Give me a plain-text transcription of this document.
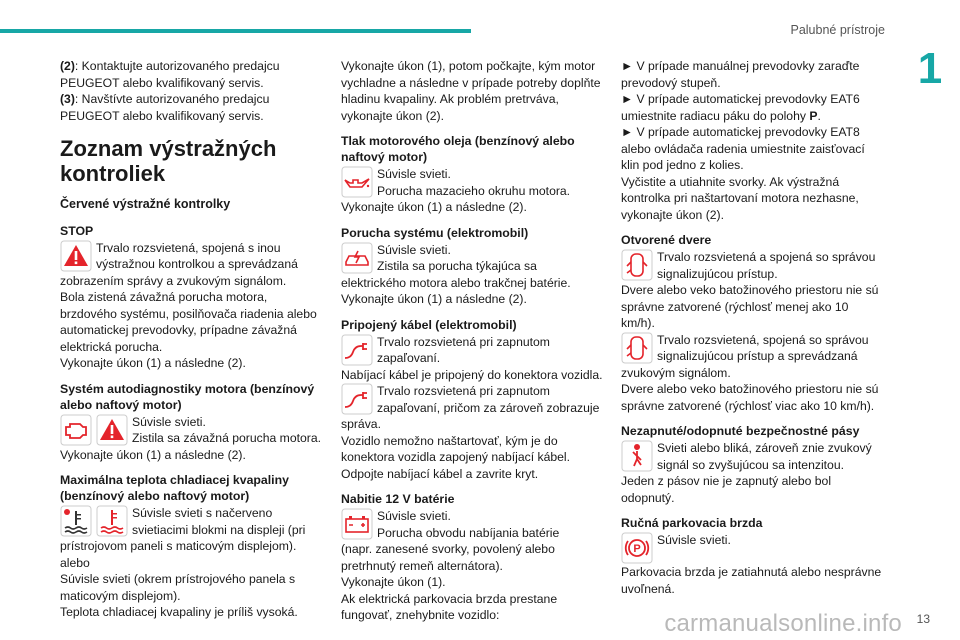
Palubné prístroje
1

(2): Kontaktujte autorizovaného predajcu PEUGEOT alebo kvalifikovaný servis.

(3): Navštívte autorizovaného predajcu PEUGEOT alebo kvalifikovaný servis.

Zoznam výstražných kontroliek
Červené výstražné kontrolky
STOP

Trvalo rozsvietená, spojená s inou výstražnou kontrolkou a sprevádzaná

zobrazením správy a zvukovým signálom.

Bola zistená závažná porucha motora, brzdového systému, posilňovača riadenia alebo automatickej prevodovky, prípadne závažná elektrická porucha.

Vykonajte úkon (1) a následne (2).

Systém autodiagnostiky motora (benzínový alebo naftový motor)

Súvisle svieti.

Zistila sa závažná porucha motora.

Vykonajte úkon (1) a následne (2).

Maximálna teplota chladiacej kvapaliny (benzínový alebo naftový motor)

Súvisle svieti s načerveno svietiacimi blokmi na displeji (pri

prístrojovom paneli s maticovým displejom).

alebo

Súvisle svieti (okrem prístrojového panela s maticovým displejom).

Teplota chladiacej kvapaliny je príliš vysoká.

Vykonajte úkon (1), potom počkajte, kým motor vychladne a následne v prípade potreby doplňte hladinu kvapaliny. Ak problém pretrváva, vykonajte úkon (2).

Tlak motorového oleja (benzínový alebo naftový motor)

Súvisle svieti.

Porucha mazacieho okruhu motora.

Vykonajte úkon (1) a následne (2).

Porucha systému (elektromobil)

Súvisle svieti.

Zistila sa porucha týkajúca sa

elektrického motora alebo trakčnej batérie.

Vykonajte úkon (1) a následne (2).

Pripojený kábel (elektromobil)

Trvalo rozsvietená pri zapnutom zapaľovaní.

Nabíjací kábel je pripojený do konektora vozidla.

Trvalo rozsvietená pri zapnutom zapaľovaní, pričom za zároveň zobrazuje

správa.

Vozidlo nemožno naštartovať, kým je do konektora vozidla zapojený nabíjací kábel.

Odpojte nabíjací kábel a zavrite kryt.

Nabitie 12 V batérie

Súvisle svieti.

Porucha obvodu nabíjania batérie

(napr. zanesené svorky, povolený alebo pretrhnutý remeň alternátora).

Vykonajte úkon (1).

Ak elektrická parkovacia brzda prestane fungovať, znehybnite vozidlo:

► V prípade manuálnej prevodovky zaraďte prevodový stupeň.

► V prípade automatickej prevodovky EAT6 umiestnite radiacu páku do polohy P.

► V prípade automatickej prevodovky EAT8 alebo ovládača radenia umiestnite zaisťovací klin pod jedno z kolies.

Vyčistite a utiahnite svorky. Ak výstražná kontrolka pri naštartovaní motora nezhasne, vykonajte úkon (2).

Otvorené dvere

Trvalo rozsvietená a spojená so správou signalizujúcou prístup.

Dvere alebo veko batožinového priestoru nie sú správne zatvorené (rýchlosť menej ako 10 km/h).

Trvalo rozsvietená, spojená so správou signalizujúcou prístup a sprevádzaná

zvukovým signálom.

Dvere alebo veko batožinového priestoru nie sú správne zatvorené (rýchlosť viac ako 10 km/h).

Nezapnuté/odopnuté bezpečnostné pásy

Svieti alebo bliká, zároveň znie zvukový signál so zvyšujúcou sa intenzitou.

Jeden z pásov nie je zapnutý alebo bol odopnutý.

Ručná parkovacia brzda
P

Súvisle svieti.

Parkovacia brzda je zatiahnutá alebo nesprávne uvoľnená.

carmanualsonline.info 13
